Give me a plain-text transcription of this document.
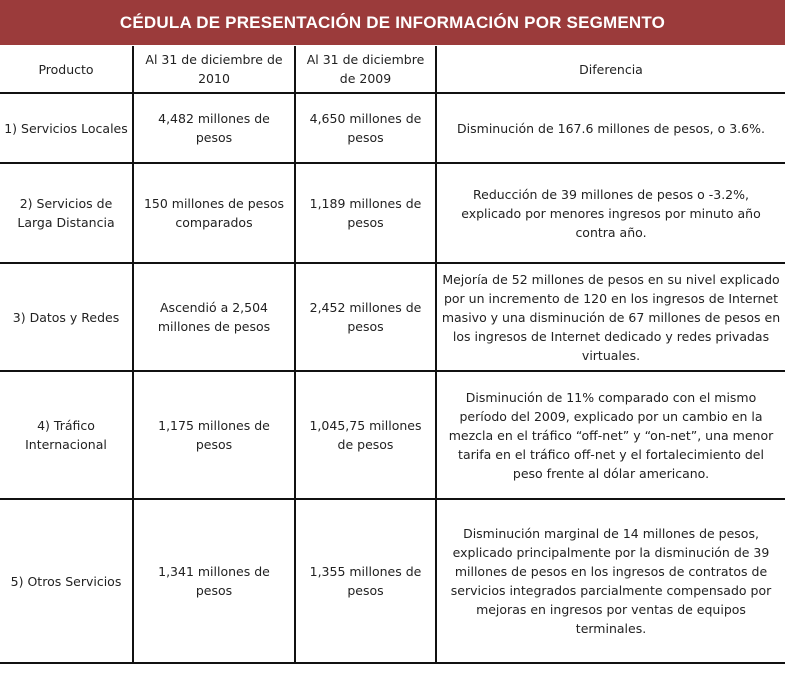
CÉDULA DE PRESENTACIÓN DE INFORMACIÓN POR SEGMENTO
Producto	Al 31 de diciembre de 2010	Al 31 de diciembre de 2009	Diferencia
1) Servicios Locales	4,482 millones de pesos	4,650 millones de pesos	Disminución de 167.6 millones de pesos, o 3.6%.
2) Servicios de Larga Distancia	150 millones de pesos comparados	1,189 millones de pesos	Reducción de 39 millones de pesos o -3.2%, explicado por menores ingresos por minuto año contra año.
3) Datos y Redes	Ascendió a 2,504 millones de pesos	2,452 millones de pesos	Mejoría de 52 millones de pesos en su nivel explicado por un incremento de 120 en los ingresos de Internet masivo y una disminución de 67 millones de pesos en los ingresos de Internet dedicado y redes privadas virtuales.
4) Tráfico Internacional	1,175 millones de pesos	1,045,75 millones de pesos	Disminución de 11% comparado con el mismo período del 2009, explicado por un cambio en la mezcla en el tráfico “off-net” y “on-net”, una menor tarifa en el tráfico off-net y el fortalecimiento del peso frente al dólar americano.
5) Otros Servicios	1,341 millones de pesos	1,355 millones de pesos	Disminución marginal de 14 millones de pesos, explicado principalmente por la disminución de 39 millones de pesos en los ingresos de contratos de servicios integrados parcialmente compensado por mejoras en ingresos por ventas de equipos terminales.
